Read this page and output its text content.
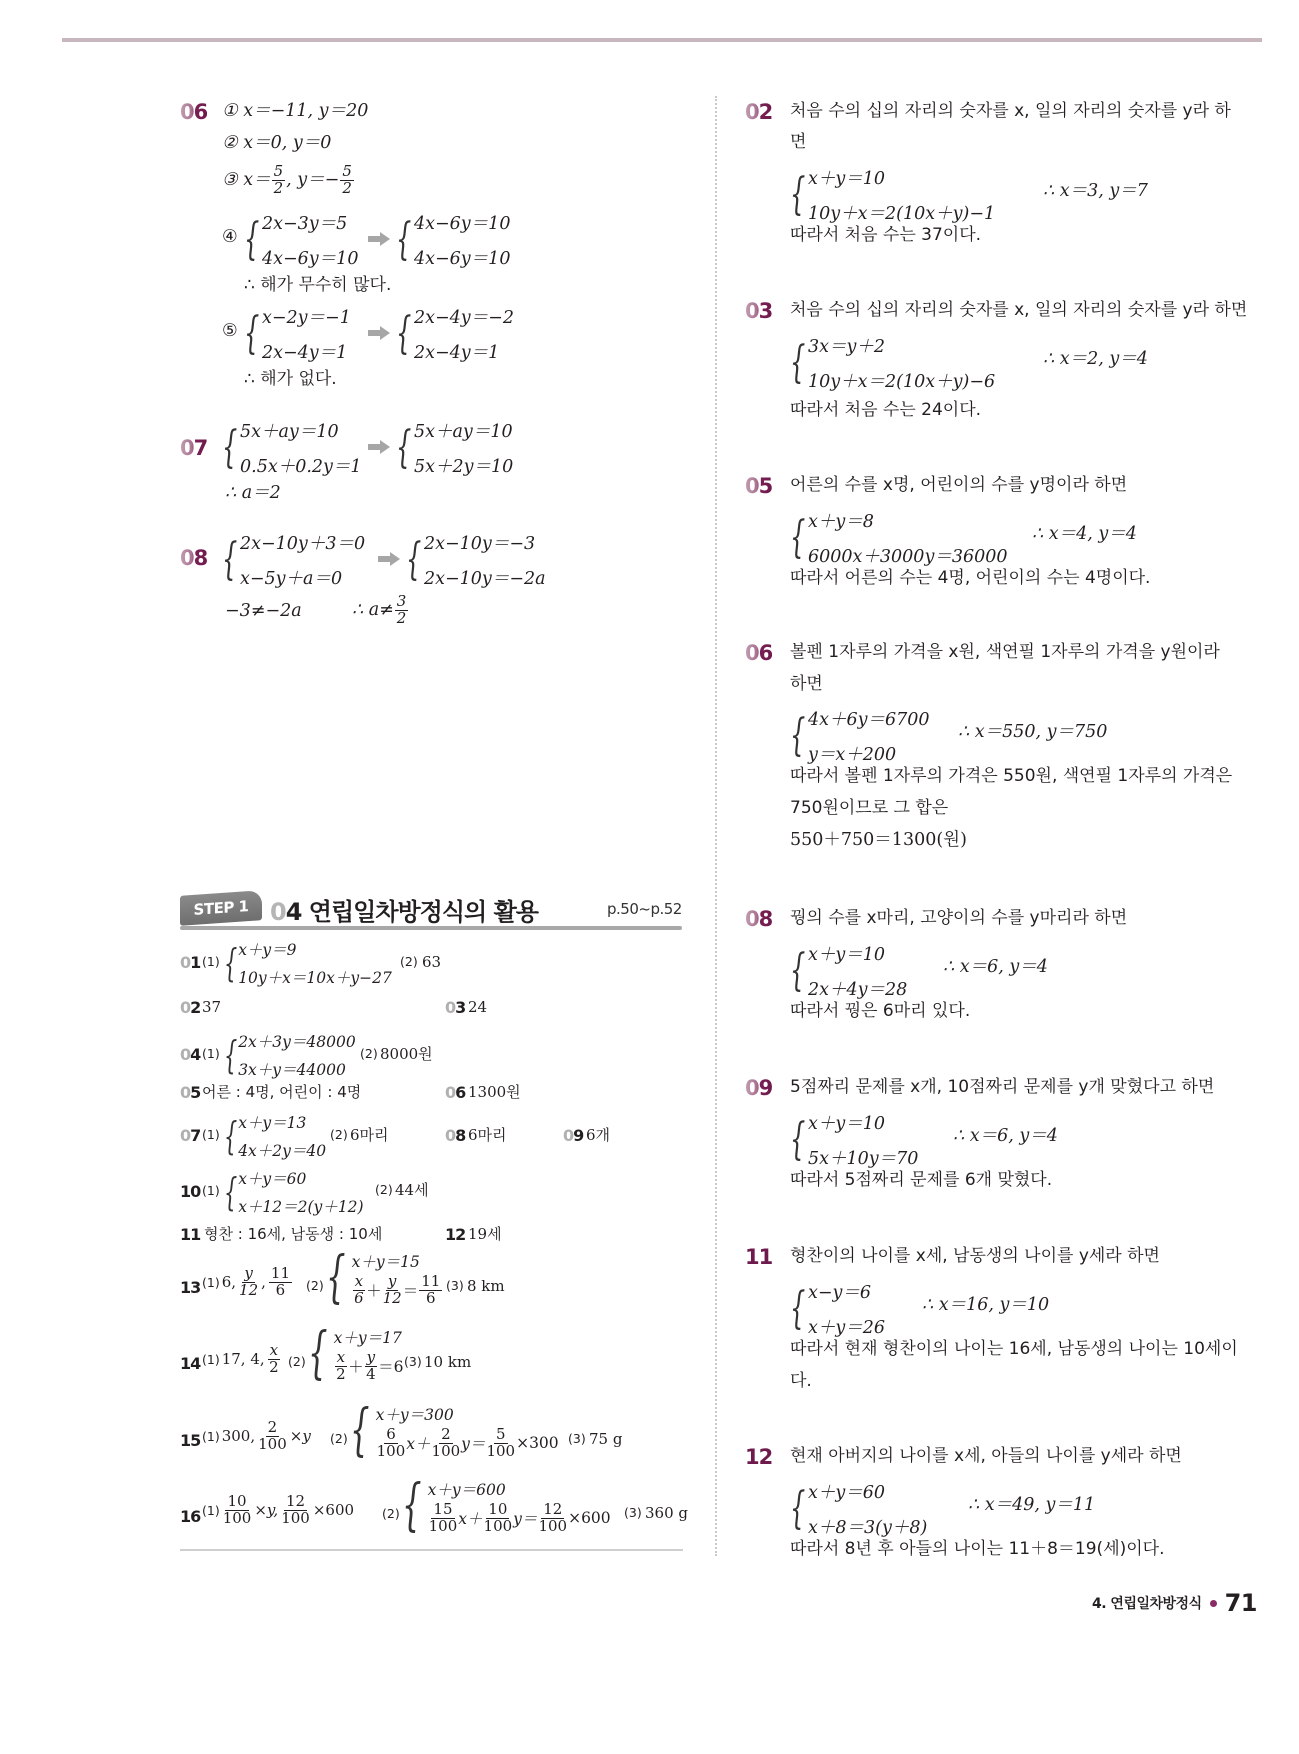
06 ① x＝−11, y＝20
② x＝0, y＝0
③ $x= \frac{5}{2}$ , $y=- \frac{5}{2}$
④ { 2x−3y＝5
4x−6y＝10 { 4x−6y＝10
4x−6y＝10
∴ 해가 무수히 많다.
⑤ { x−2y＝−1
2x−4y＝1 { 2x−4y＝−2
2x−4y＝1
∴ 해가 없다.
07 { 5x＋ay＝10
0.5x＋0.2y＝1 { 5x＋ay＝10
5x＋2y＝10
∴ a＝2
08 { 2x−10y＋3＝0
x−5y＋a＝0	{ 2x−10y＝−3
2x−10y＝−2a
−3≠−2a	∴ $a\ne \frac{3}{2}$
STEP 1 04 연립일차방정식의 활용	p.50~p.52
01 (1) { x＋y＝9
10y＋x＝10x＋y−27
(2) 63
02 37	03 24
04 (1) { 2x＋3y＝48000
3x＋y＝44000
(2) 8000원
05 어른 : 4명, 어린이 : 4명	06 1300원
07 (1) { x＋y＝13
4x＋2y＝40
(2) 6마리	08 6마리	09 6개
10 (1) { x＋y＝60
x＋12＝2(y＋12)
(2) 44세
11 형찬 : 16세, 남동생 : 10세	12 19세
13 (1) 6, $\frac{y}{12}$ , $\frac{11}{6} (2)$ { x＋y＝15
$\frac{x}{6} + \frac{y}{12} = \frac{11}{6} (3)$ 8 km
14 (1) 17, 4, $\frac{x}{2} (2)$ { x＋y＝17
$\frac{x}{2} + \frac{y}{4} =6$ (3) 10 km
15 (1) 300, $\frac{2}{100} \times y$ (2) { x＋y＝300
$\frac{6}{100} x+ \frac{2}{100} y= \frac{5}{100} \times 300$ (3) 75 g
16 $(1) \frac{10}{100} \times y$, $\frac{12}{100} \times 600$ (2) { x＋y＝600
$\frac{15}{100} x+ \frac{10}{100} y= \frac{12}{100} \times 600$ (3) 360 g
02 처음 수의 십의 자리의 숫자를 x, 일의 자리의 숫자를 y라 하
면
{ x＋y＝10
10y＋x＝2(10x＋y)−1
∴ x＝3, y＝7
따라서 처음 수는 37이다.
03 처음 수의 십의 자리의 숫자를 x, 일의 자리의 숫자를 y라 하면
{ 3x＝y＋2
10y＋x＝2(10x＋y)−6
∴ x＝2, y＝4
따라서 처음 수는 24이다.
05 어른의 수를 x명, 어린이의 수를 y명이라 하면
{ x＋y＝8
6000x＋3000y＝36000
∴ x＝4, y＝4
따라서 어른의 수는 4명, 어린이의 수는 4명이다.
06 볼펜 1자루의 가격을 x원, 색연필 1자루의 가격을 y원이라
하면
{ 4x＋6y＝6700
y＝x＋200
∴ x＝550, y＝750
따라서 볼펜 1자루의 가격은 550원, 색연필 1자루의 가격은
750원이므로 그 합은
550＋750＝1300(원)
08 꿩의 수를 x마리, 고양이의 수를 y마리라 하면
{ x＋y＝10
2x＋4y＝28
∴ x＝6, y＝4
따라서 꿩은 6마리 있다.
09 5점짜리 문제를 x개, 10점짜리 문제를 y개 맞혔다고 하면
{ x＋y＝10
5x＋10y＝70
∴ x＝6, y＝4
따라서 5점짜리 문제를 6개 맞혔다.
11 형찬이의 나이를 x세, 남동생의 나이를 y세라 하면
{ x−y＝6
x＋y＝26
∴ x＝16, y＝10
따라서 현재 형찬이의 나이는 16세, 남동생의 나이는 10세이
다.
12 현재 아버지의 나이를 x세, 아들의 나이를 y세라 하면
{ x＋y＝60
x＋8＝3(y＋8)
∴ x＝49, y＝11
따라서 8년 후 아들의 나이는 11＋8＝19(세)이다.
4. 연립일차방정식 71
